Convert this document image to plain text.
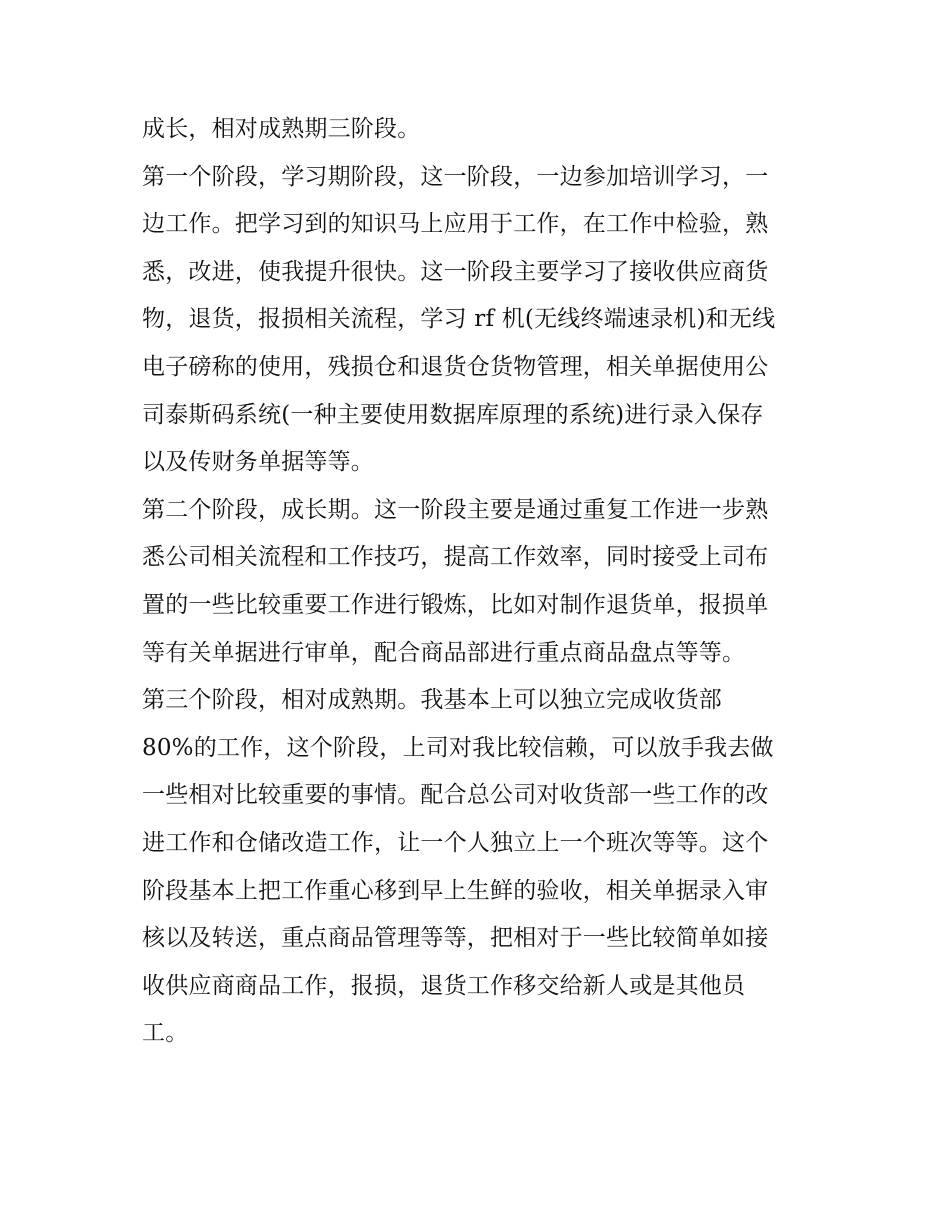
成长，相对成熟期三阶段。
第一个阶段，学习期阶段，这一阶段，一边参加培训学习，一
边工作。把学习到的知识马上应用于工作，在工作中检验，熟
悉，改进，使我提升很快。这一阶段主要学习了接收供应商货
物，退货，报损相关流程，学习 rf 机(无线终端速录机)和无线
电子磅称的使用，残损仓和退货仓货物管理，相关单据使用公
司泰斯码系统(一种主要使用数据库原理的系统)进行录入保存
以及传财务单据等等。
第二个阶段，成长期。这一阶段主要是通过重复工作进一步熟
悉公司相关流程和工作技巧，提高工作效率，同时接受上司布
置的一些比较重要工作进行锻炼，比如对制作退货单，报损单
等有关单据进行审单，配合商品部进行重点商品盘点等等。
第三个阶段，相对成熟期。我基本上可以独立完成收货部
80%的工作，这个阶段，上司对我比较信赖，可以放手我去做
一些相对比较重要的事情。配合总公司对收货部一些工作的改
进工作和仓储改造工作，让一个人独立上一个班次等等。这个
阶段基本上把工作重心移到早上生鲜的验收，相关单据录入审
核以及转送，重点商品管理等等，把相对于一些比较简单如接
收供应商商品工作，报损，退货工作移交给新人或是其他员
工。
